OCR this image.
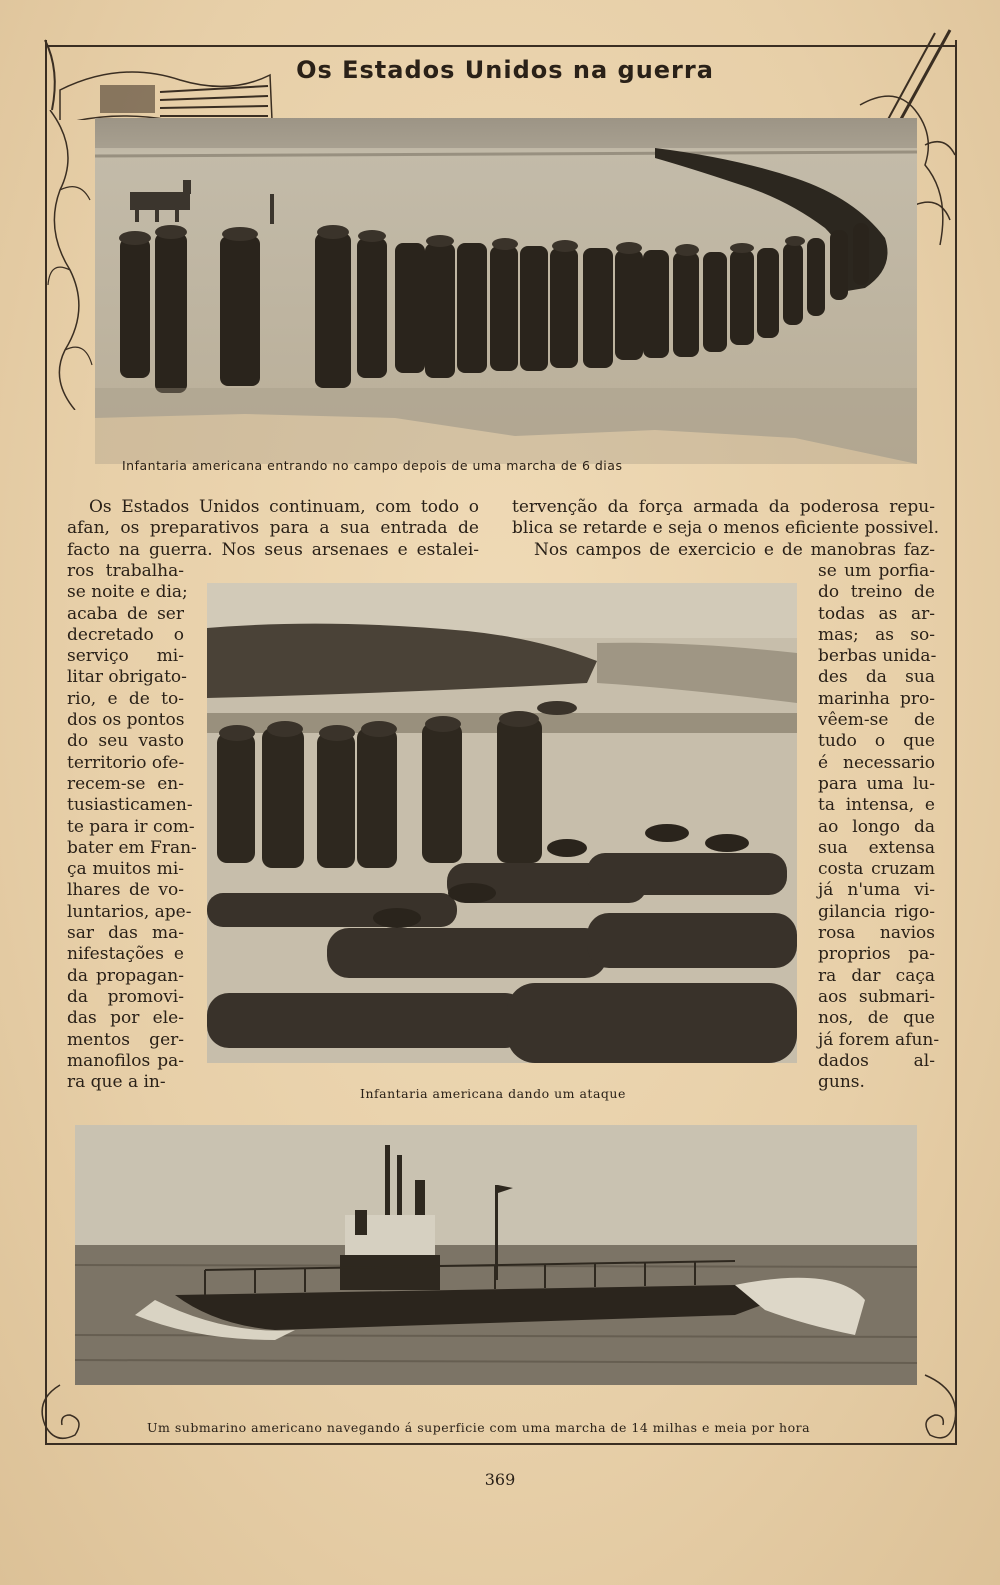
Os Estados Unidos na guerra
Infantaria americana entrando no campo depois de uma marcha de 6 dias
Os Estados Unidos continuam, com todo o
afan, os preparativos para a sua entrada de
facto na guerra. Nos seus arsenaes e estalei-
tervenção da força armada da poderosa repu-
blica se retarde e seja o menos eficiente possivel.
Nos campos de exercicio e de manobras faz-
ros trabalha-
se noite e dia;
acaba de ser
decretado o
serviço mi-
litar obrigato-
rio, e de to-
dos os pontos
do seu vasto
territorio ofe-
recem-se en-
tusiasticamen-
te para ir com-
bater em Fran-
ça muitos mi-
lhares de vo-
luntarios, ape-
sar das ma-
nifestações e
da propagan-
da promovi-
das por ele-
mentos ger-
manofilos pa-
ra que a in-
se um porfia-
do treino de
todas as ar-
mas; as so-
berbas unida-
des da sua
marinha pro-
vêem-se de
tudo o que
é necessario
para uma lu-
ta intensa, e
ao longo da
sua extensa
costa cruzam
já n'uma vi-
gilancia rigo-
rosa navios
proprios pa-
ra dar caça
aos submari-
nos, de que
já forem afun-
dados al-
guns.
Infantaria americana dando um ataque
Um submarino americano navegando á superficie com uma marcha de 14 milhas e meia por hora
369
